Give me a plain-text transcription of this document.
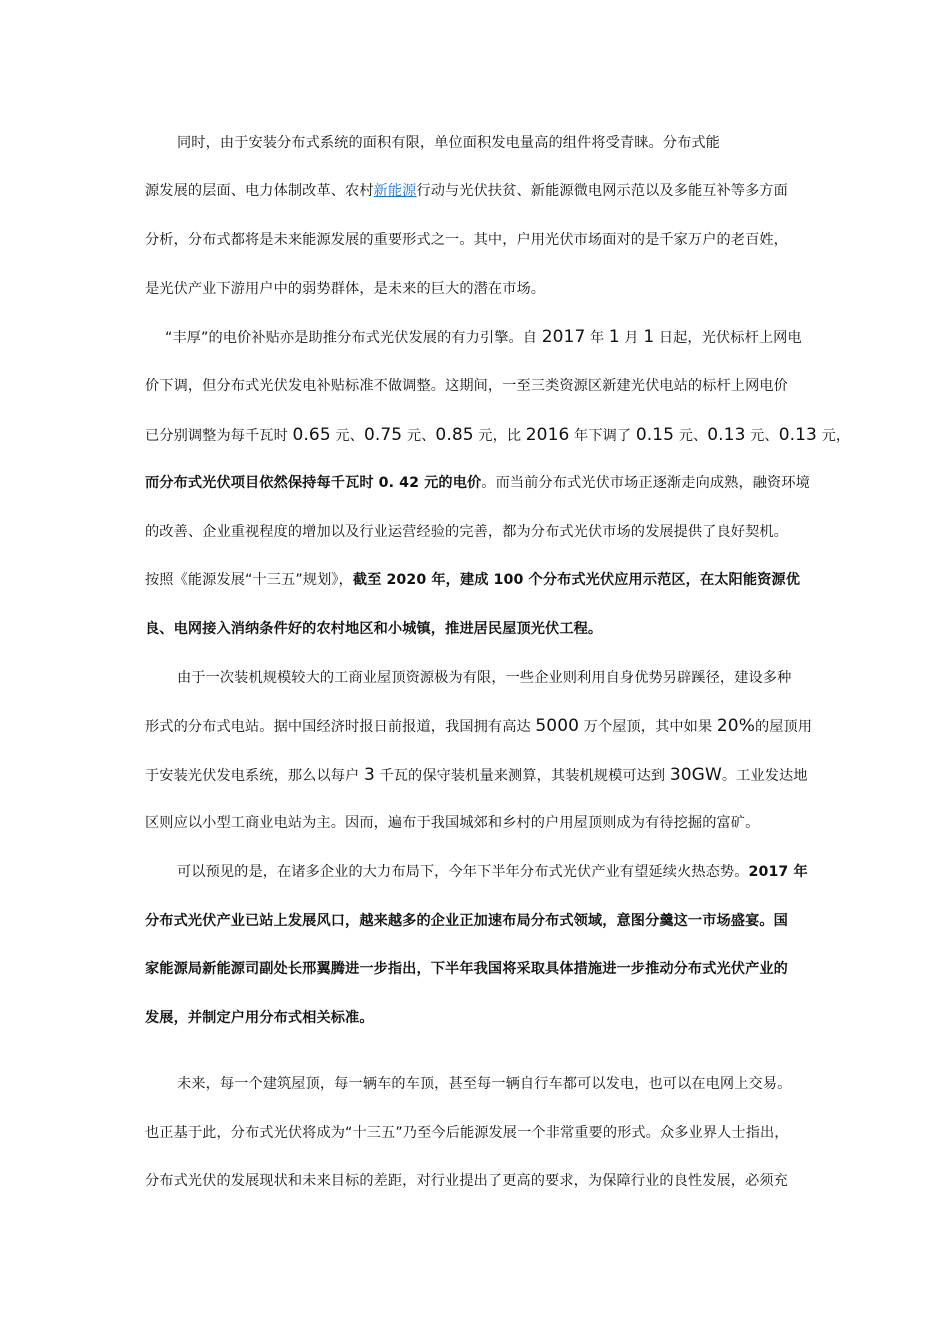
同时，由于安装分布式系统的面积有限，单位面积发电量高的组件将受青睐。分布式能
源发展的层面、电力体制改革、农村新能源行动与光伏扶贫、新能源微电网示范以及多能互补等多方面
分析，分布式都将是未来能源发展的重要形式之一。其中，户用光伏市场面对的是千家万户的老百姓，
是光伏产业下游用户中的弱势群体，是未来的巨大的潜在市场。
“丰厚”的电价补贴亦是助推分布式光伏发展的有力引擎。自 2017 年 1 月 1 日起，光伏标杆上网电
价下调，但分布式光伏发电补贴标准不做调整。这期间，一至三类资源区新建光伏电站的标杆上网电价
已分别调整为每千瓦时 0.65 元、0.75 元、0.85 元，比 2016 年下调了 0.15 元、0.13 元、0.13 元，
而分布式光伏项目依然保持每千瓦时 0. 42 元的电价。而当前分布式光伏市场正逐渐走向成熟，融资环境
的改善、企业重视程度的增加以及行业运营经验的完善，都为分布式光伏市场的发展提供了良好契机。
按照《能源发展“十三五”规划》，截至 2020 年，建成 100 个分布式光伏应用示范区，在太阳能资源优
良、电网接入消纳条件好的农村地区和小城镇，推进居民屋顶光伏工程。
由于一次装机规模较大的工商业屋顶资源极为有限，一些企业则利用自身优势另辟蹊径，建设多种
形式的分布式电站。据中国经济时报日前报道，我国拥有高达 5000 万个屋顶，其中如果 20%的屋顶用
于安装光伏发电系统，那么以每户 3 千瓦的保守装机量来测算，其装机规模可达到 30GW。工业发达地
区则应以小型工商业电站为主。因而，遍布于我国城郊和乡村的户用屋顶则成为有待挖掘的富矿。
可以预见的是，在诸多企业的大力布局下，今年下半年分布式光伏产业有望延续火热态势。2017 年
分布式光伏产业已站上发展风口，越来越多的企业正加速布局分布式领域，意图分羹这一市场盛宴。国
家能源局新能源司副处长邢翼腾进一步指出，下半年我国将采取具体措施进一步推动分布式光伏产业的
发展，并制定户用分布式相关标准。
未来，每一个建筑屋顶，每一辆车的车顶，甚至每一辆自行车都可以发电，也可以在电网上交易。
也正基于此，分布式光伏将成为“十三五”乃至今后能源发展一个非常重要的形式。众多业界人士指出，
分布式光伏的发展现状和未来目标的差距，对行业提出了更高的要求，为保障行业的良性发展，必须充
